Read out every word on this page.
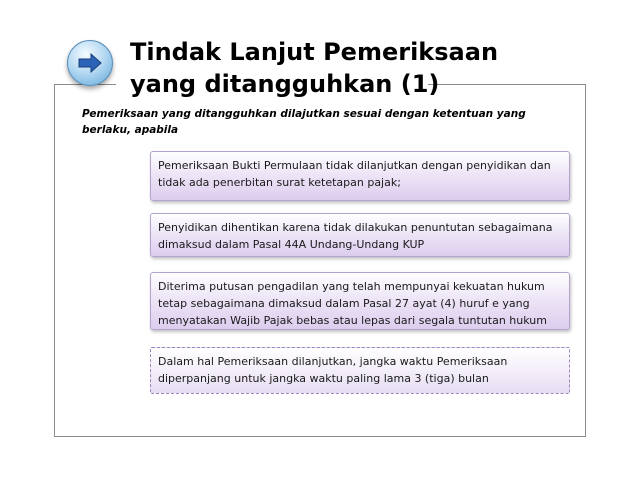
Tindak Lanjut Pemeriksaan yang ditangguhkan (1)

Pemeriksaan yang ditangguhkan dilajutkan sesuai dengan ketentuan yang berlaku, apabila

Pemeriksaan Bukti Permulaan tidak dilanjutkan dengan penyidikan dan tidak ada penerbitan surat ketetapan pajak;
Penyidikan dihentikan karena tidak dilakukan penuntutan sebagaimana dimaksud dalam Pasal 44A Undang-Undang KUP
Diterima putusan pengadilan yang telah mempunyai kekuatan hukum tetap sebagaimana dimaksud dalam Pasal 27 ayat (4) huruf e yang menyatakan Wajib Pajak bebas atau lepas dari segala tuntutan hukum
Dalam hal Pemeriksaan dilanjutkan, jangka waktu Pemeriksaan diperpanjang untuk jangka waktu paling lama 3 (tiga) bulan
